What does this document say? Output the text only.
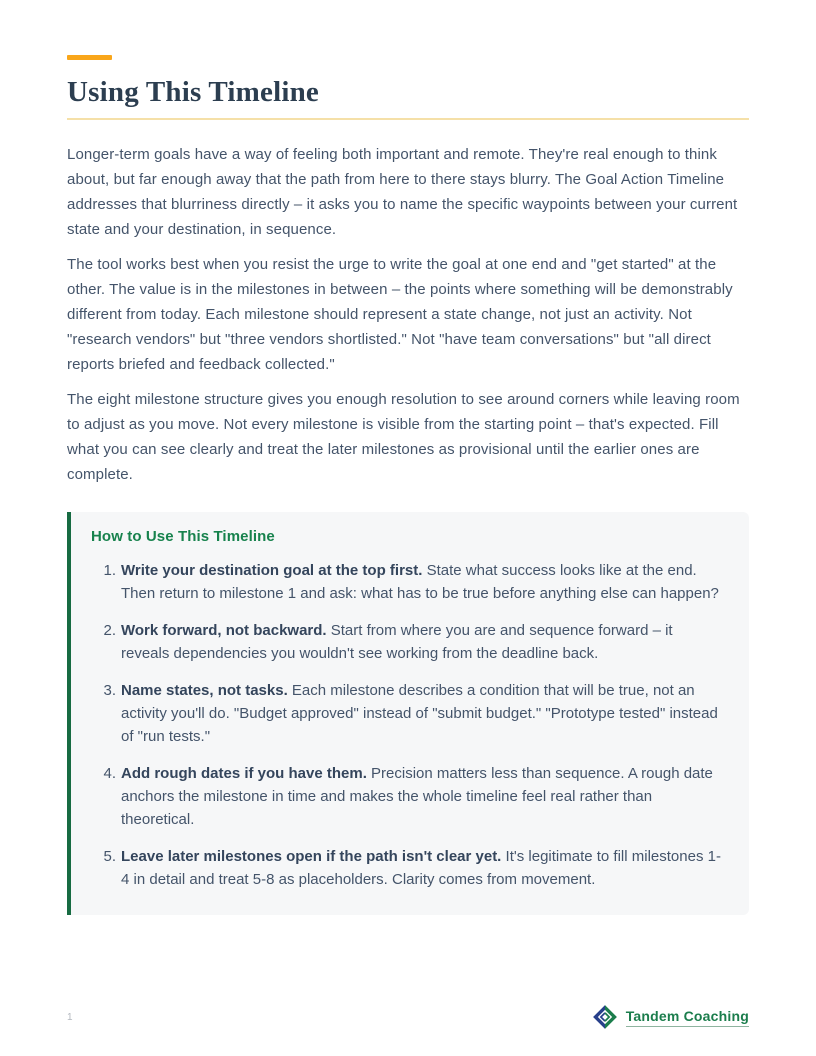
Using This Timeline

Longer-term goals have a way of feeling both important and remote. They're real enough to think about, but far enough away that the path from here to there stays blurry. The Goal Action Timeline addresses that blurriness directly – it asks you to name the specific waypoints between your current state and your destination, in sequence.

The tool works best when you resist the urge to write the goal at one end and "get started" at the other. The value is in the milestones in between – the points where something will be demonstrably different from today. Each milestone should represent a state change, not just an activity. Not "research vendors" but "three vendors shortlisted." Not "have team conversations" but "all direct reports briefed and feedback collected."

The eight milestone structure gives you enough resolution to see around corners while leaving room to adjust as you move. Not every milestone is visible from the starting point – that's expected. Fill what you can see clearly and treat the later milestones as provisional until the earlier ones are complete.

How to Use This Timeline
1. Write your destination goal at the top first. State what success looks like at the end. Then return to milestone 1 and ask: what has to be true before anything else can happen?
2. Work forward, not backward. Start from where you are and sequence forward – it reveals dependencies you wouldn't see working from the deadline back.
3. Name states, not tasks. Each milestone describes a condition that will be true, not an activity you'll do. "Budget approved" instead of "submit budget." "Prototype tested" instead of "run tests."
4. Add rough dates if you have them. Precision matters less than sequence. A rough date anchors the milestone in time and makes the whole timeline feel real rather than theoretical.
5. Leave later milestones open if the path isn't clear yet. It's legitimate to fill milestones 1-4 in detail and treat 5-8 as placeholders. Clarity comes from movement.
1	Tandem Coaching
